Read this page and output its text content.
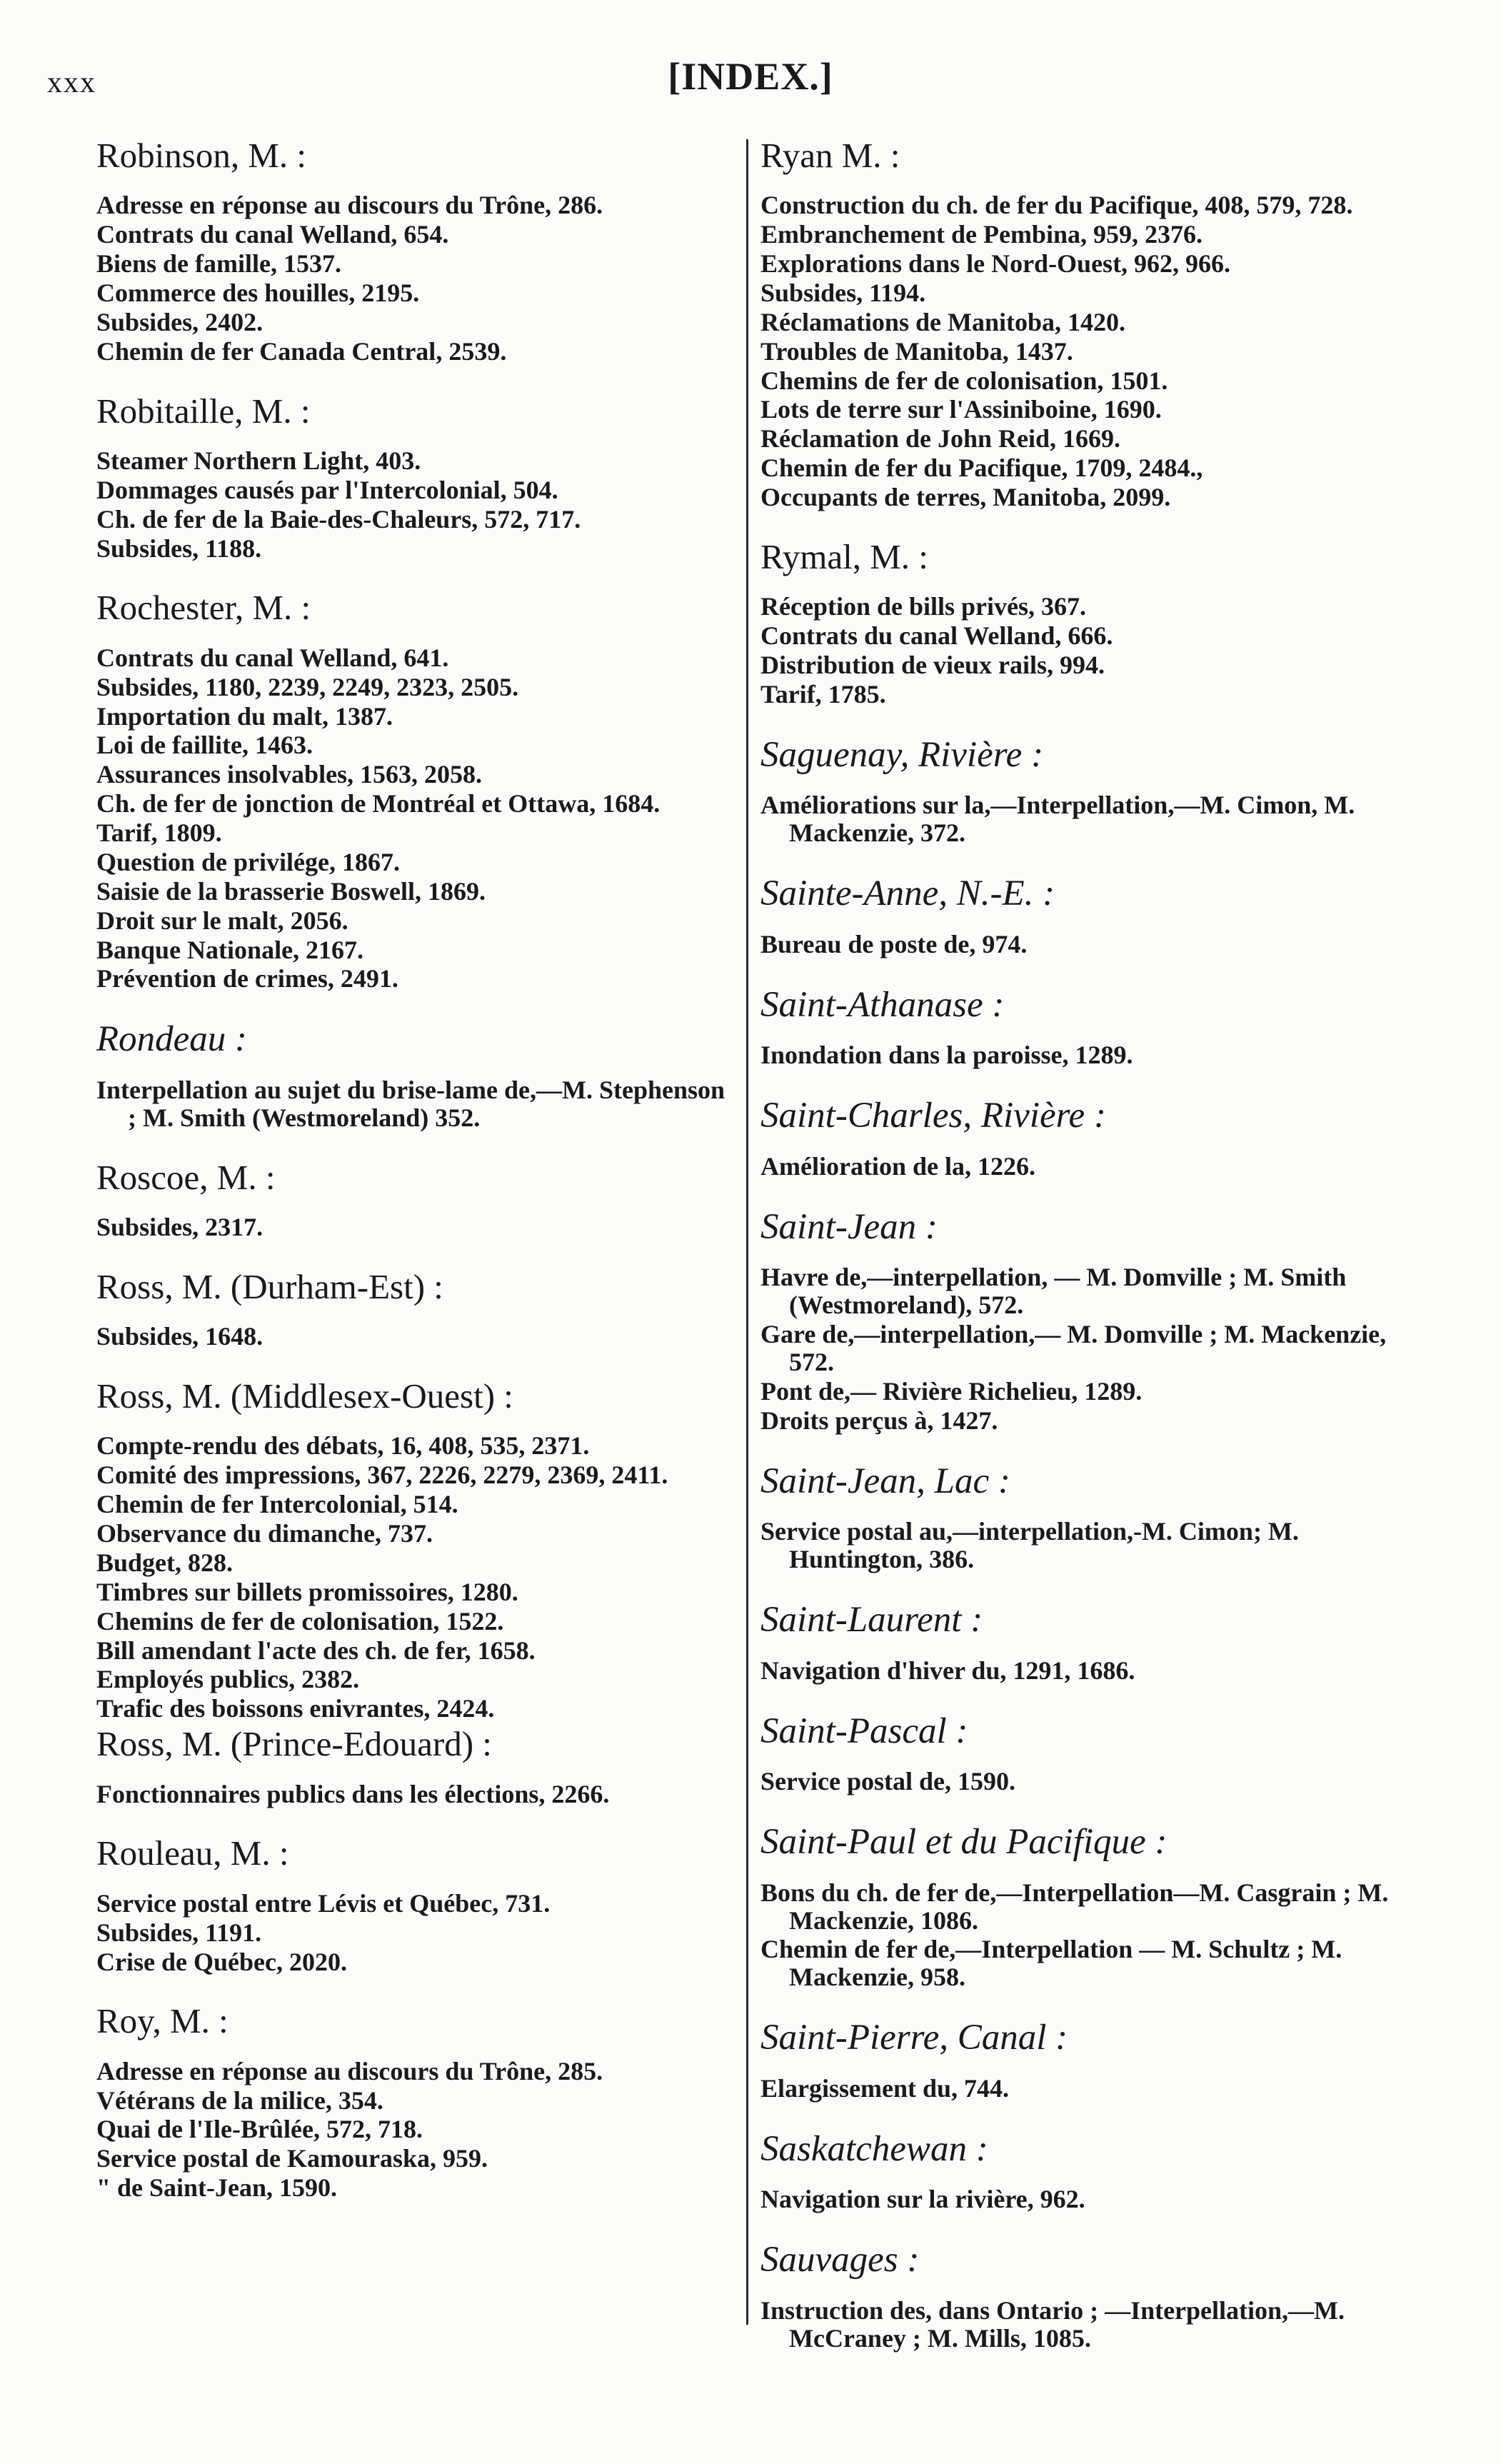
xxx	[INDEX.]
Robinson, M. :
Adresse en réponse au discours du Trône, 286.
Contrats du canal Welland, 654.
Biens de famille, 1537.
Commerce des houilles, 2195.
Subsides, 2402.
Chemin de fer Canada Central, 2539.
Robitaille, M. :
Steamer Northern Light, 403.
Dommages causés par l'Intercolonial, 504.
Ch. de fer de la Baie-des-Chaleurs, 572, 717.
Subsides, 1188.
Rochester, M. :
Contrats du canal Welland, 641.
Subsides, 1180, 2239, 2249, 2323, 2505.
Importation du malt, 1387.
Loi de faillite, 1463.
Assurances insolvables, 1563, 2058.
Ch. de fer de jonction de Montréal et Ottawa, 1684.
Tarif, 1809.
Question de privilége, 1867.
Saisie de la brasserie Boswell, 1869.
Droit sur le malt, 2056.
Banque Nationale, 2167.
Prévention de crimes, 2491.
Rondeau :
Interpellation au sujet du brise-lame de,—M. Stephenson ; M. Smith (Westmoreland) 352.
Roscoe, M. :
Subsides, 2317.
Ross, M. (Durham-Est) :
Subsides, 1648.
Ross, M. (Middlesex-Ouest) :
Compte-rendu des débats, 16, 408, 535, 2371.
Comité des impressions, 367, 2226, 2279, 2369, 2411.
Chemin de fer Intercolonial, 514.
Observance du dimanche, 737.
Budget, 828.
Timbres sur billets promissoires, 1280.
Chemins de fer de colonisation, 1522.
Bill amendant l'acte des ch. de fer, 1658.
Employés publics, 2382.
Trafic des boissons enivrantes, 2424.
Ross, M. (Prince-Edouard) :
Fonctionnaires publics dans les élections, 2266.
Rouleau, M. :
Service postal entre Lévis et Québec, 731.
Subsides, 1191.
Crise de Québec, 2020.
Roy, M. :
Adresse en réponse au discours du Trône, 285.
Vétérans de la milice, 354.
Quai de l'Ile-Brûlée, 572, 718.
Service postal de Kamouraska, 959.
" de Saint-Jean, 1590.
Ryan M. :
Construction du ch. de fer du Pacifique, 408, 579, 728.
Embranchement de Pembina, 959, 2376.
Explorations dans le Nord-Ouest, 962, 966.
Subsides, 1194.
Réclamations de Manitoba, 1420.
Troubles de Manitoba, 1437.
Chemins de fer de colonisation, 1501.
Lots de terre sur l'Assiniboine, 1690.
Réclamation de John Reid, 1669.
Chemin de fer du Pacifique, 1709, 2484.,
Occupants de terres, Manitoba, 2099.
Rymal, M. :
Réception de bills privés, 367.
Contrats du canal Welland, 666.
Distribution de vieux rails, 994.
Tarif, 1785.
Saguenay, Rivière :
Améliorations sur la,—Interpellation,—M. Cimon, M. Mackenzie, 372.
Sainte-Anne, N.-E. :
Bureau de poste de, 974.
Saint-Athanase :
Inondation dans la paroisse, 1289.
Saint-Charles, Rivière :
Amélioration de la, 1226.
Saint-Jean :
Havre de,—interpellation, — M. Domville ; M. Smith (Westmoreland), 572.
Gare de,—interpellation,— M. Domville ; M. Mackenzie, 572.
Pont de,— Rivière Richelieu, 1289.
Droits perçus à, 1427.
Saint-Jean, Lac :
Service postal au,—interpellation,-M. Cimon; M. Huntington, 386.
Saint-Laurent :
Navigation d'hiver du, 1291, 1686.
Saint-Pascal :
Service postal de, 1590.
Saint-Paul et du Pacifique :
Bons du ch. de fer de,—Interpellation—M. Casgrain ; M. Mackenzie, 1086.
Chemin de fer de,—Interpellation — M. Schultz ; M. Mackenzie, 958.
Saint-Pierre, Canal :
Elargissement du, 744.
Saskatchewan :
Navigation sur la rivière, 962.
Sauvages :
Instruction des, dans Ontario ; —Interpellation,—M. McCraney ; M. Mills, 1085.
